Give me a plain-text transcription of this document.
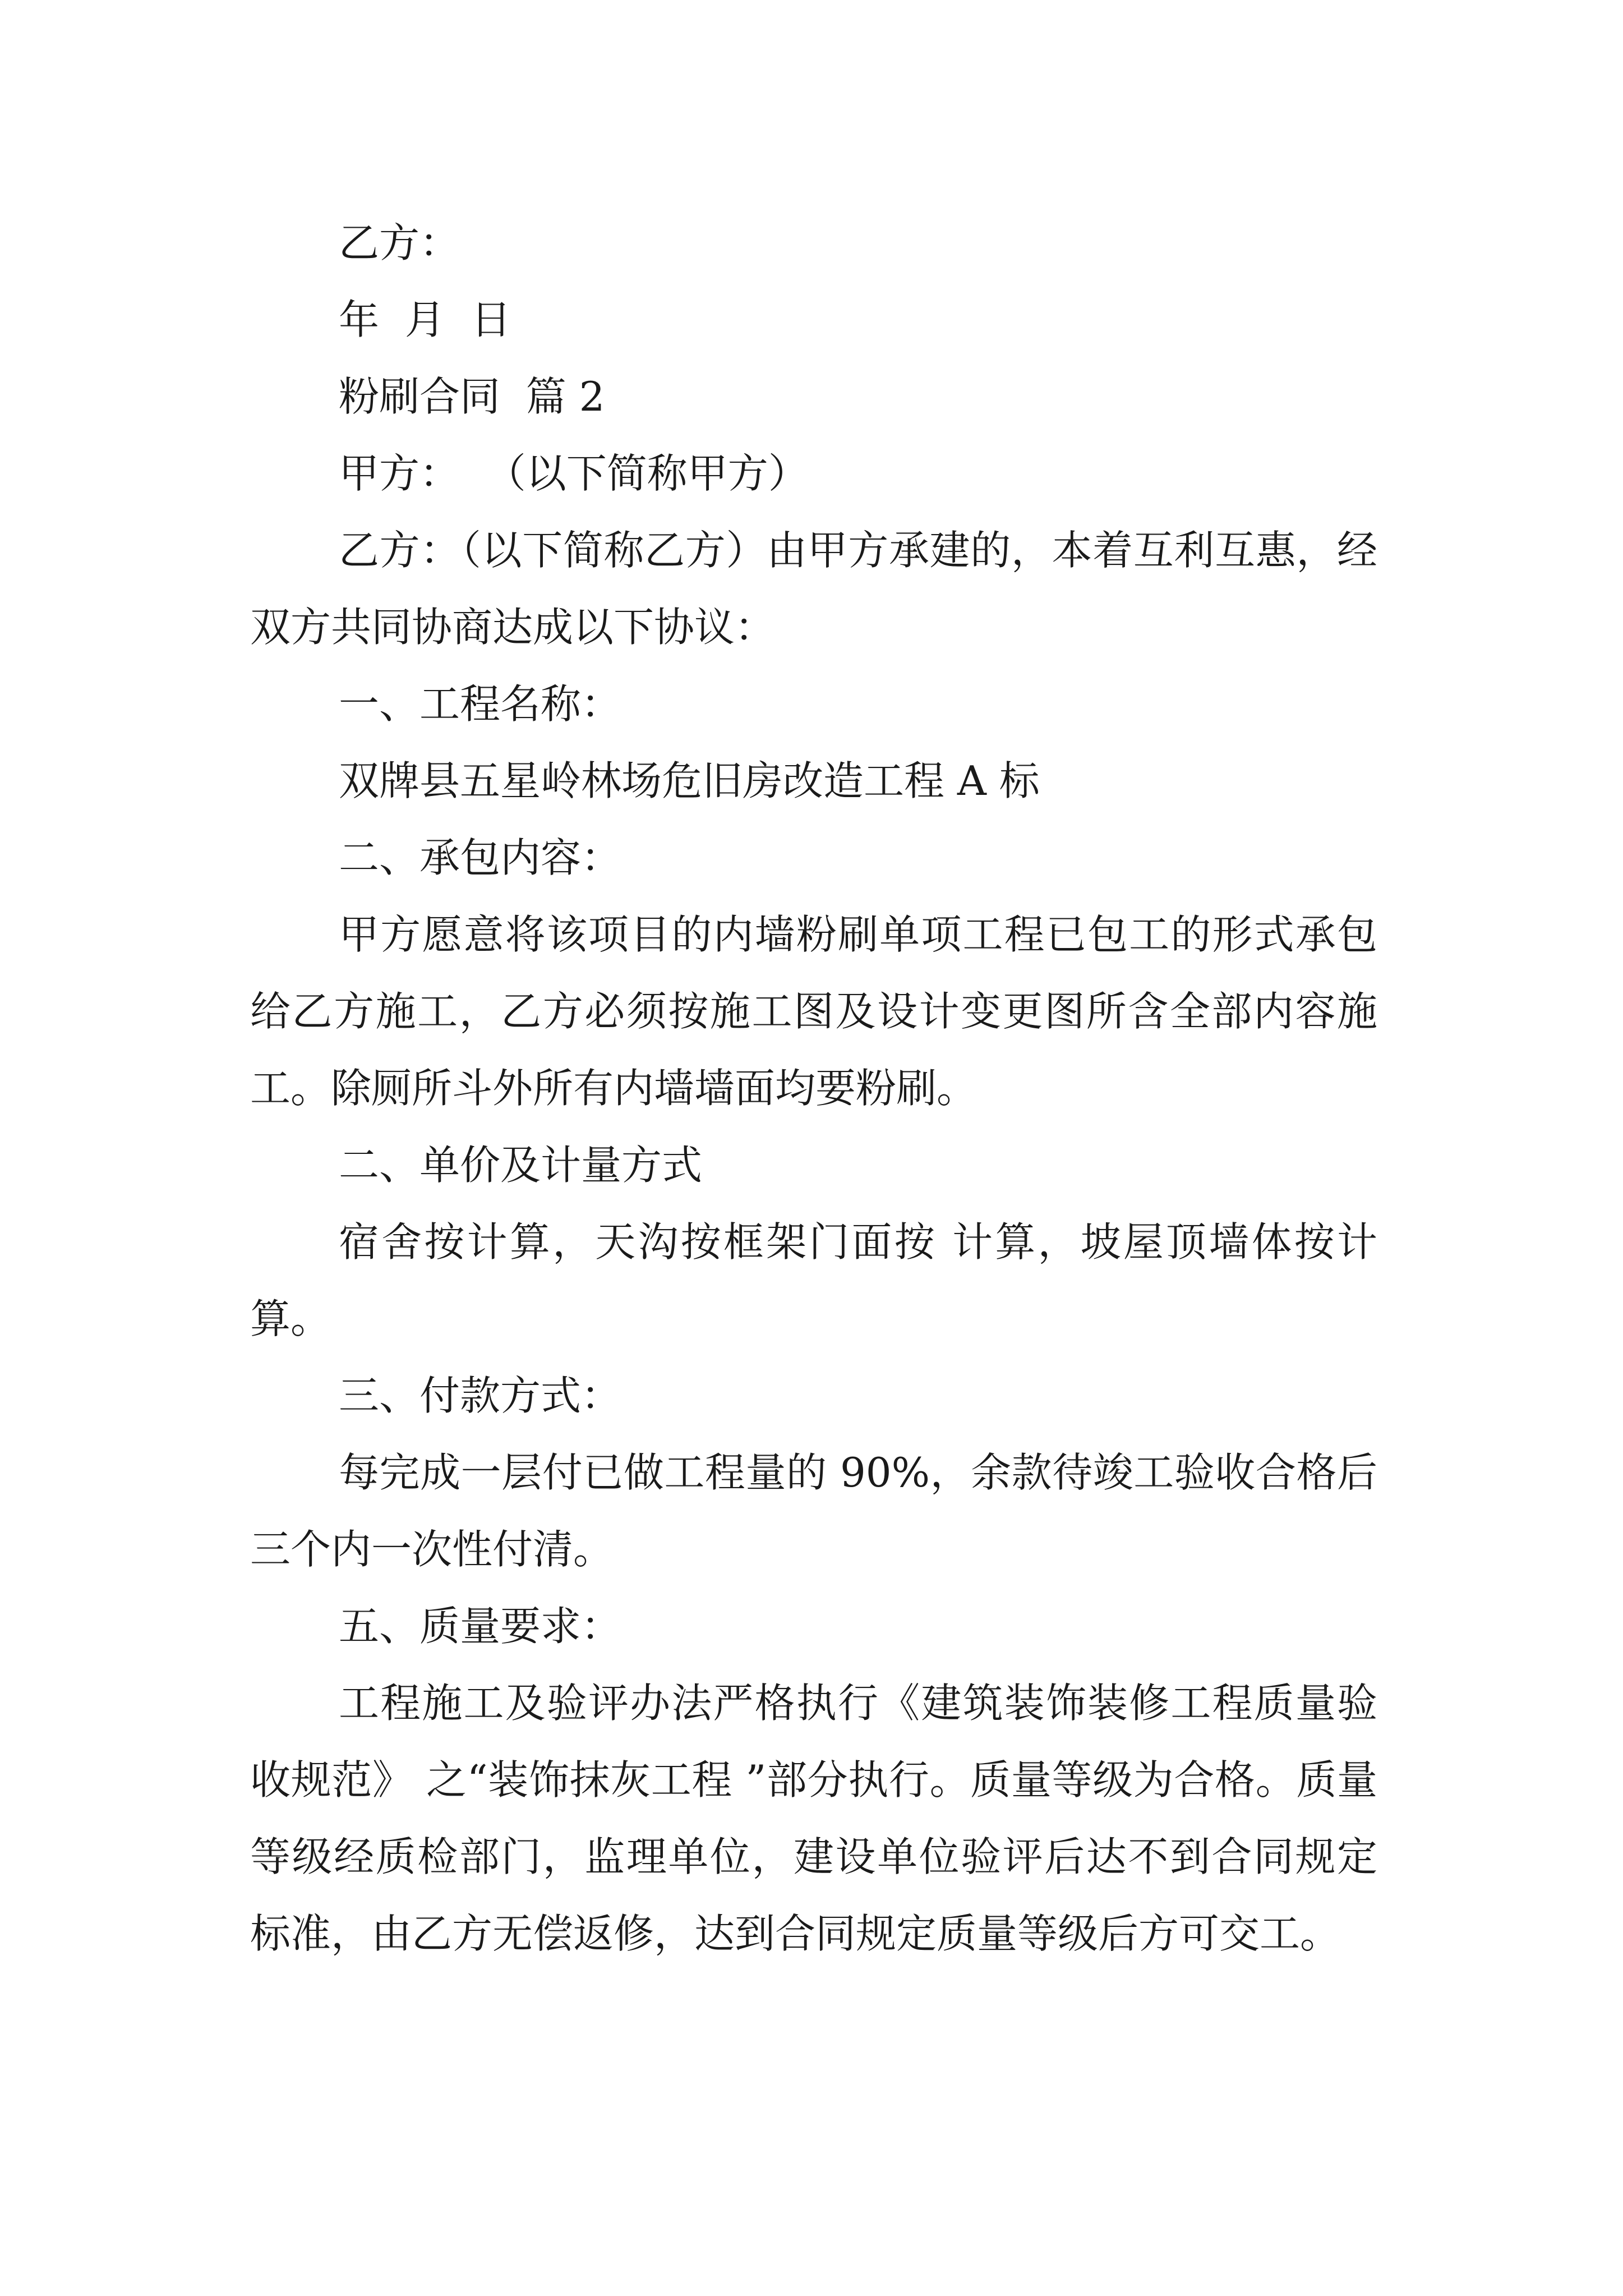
乙方：

年  月  日

粉刷合同  篇 2

甲方：  （以下简称甲方）

乙方：（以下简称乙方）由甲方承建的，本着互利互惠，经双方共同协商达成以下协议：

一、工程名称：

双牌县五星岭林场危旧房改造工程 A 标

二、承包内容：

甲方愿意将该项目的内墙粉刷单项工程已包工的形式承包给乙方施工，乙方必须按施工图及设计变更图所含全部内容施工。除厕所斗外所有内墙墙面均要粉刷。

二、单价及计量方式

宿舍按计算，天沟按框架门面按 计算，坡屋顶墙体按计算。

三、付款方式：

每完成一层付已做工程量的 90%，余款待竣工验收合格后三个内一次性付清。

五、质量要求：

工程施工及验评办法严格执行《建筑装饰装修工程质量验收规范》 之“装饰抹灰工程 ”部分执行。质量等级为合格。质量等级经质检部门，监理单位，建设单位验评后达不到合同规定标准，由乙方无偿返修，达到合同规定质量等级后方可交工。
